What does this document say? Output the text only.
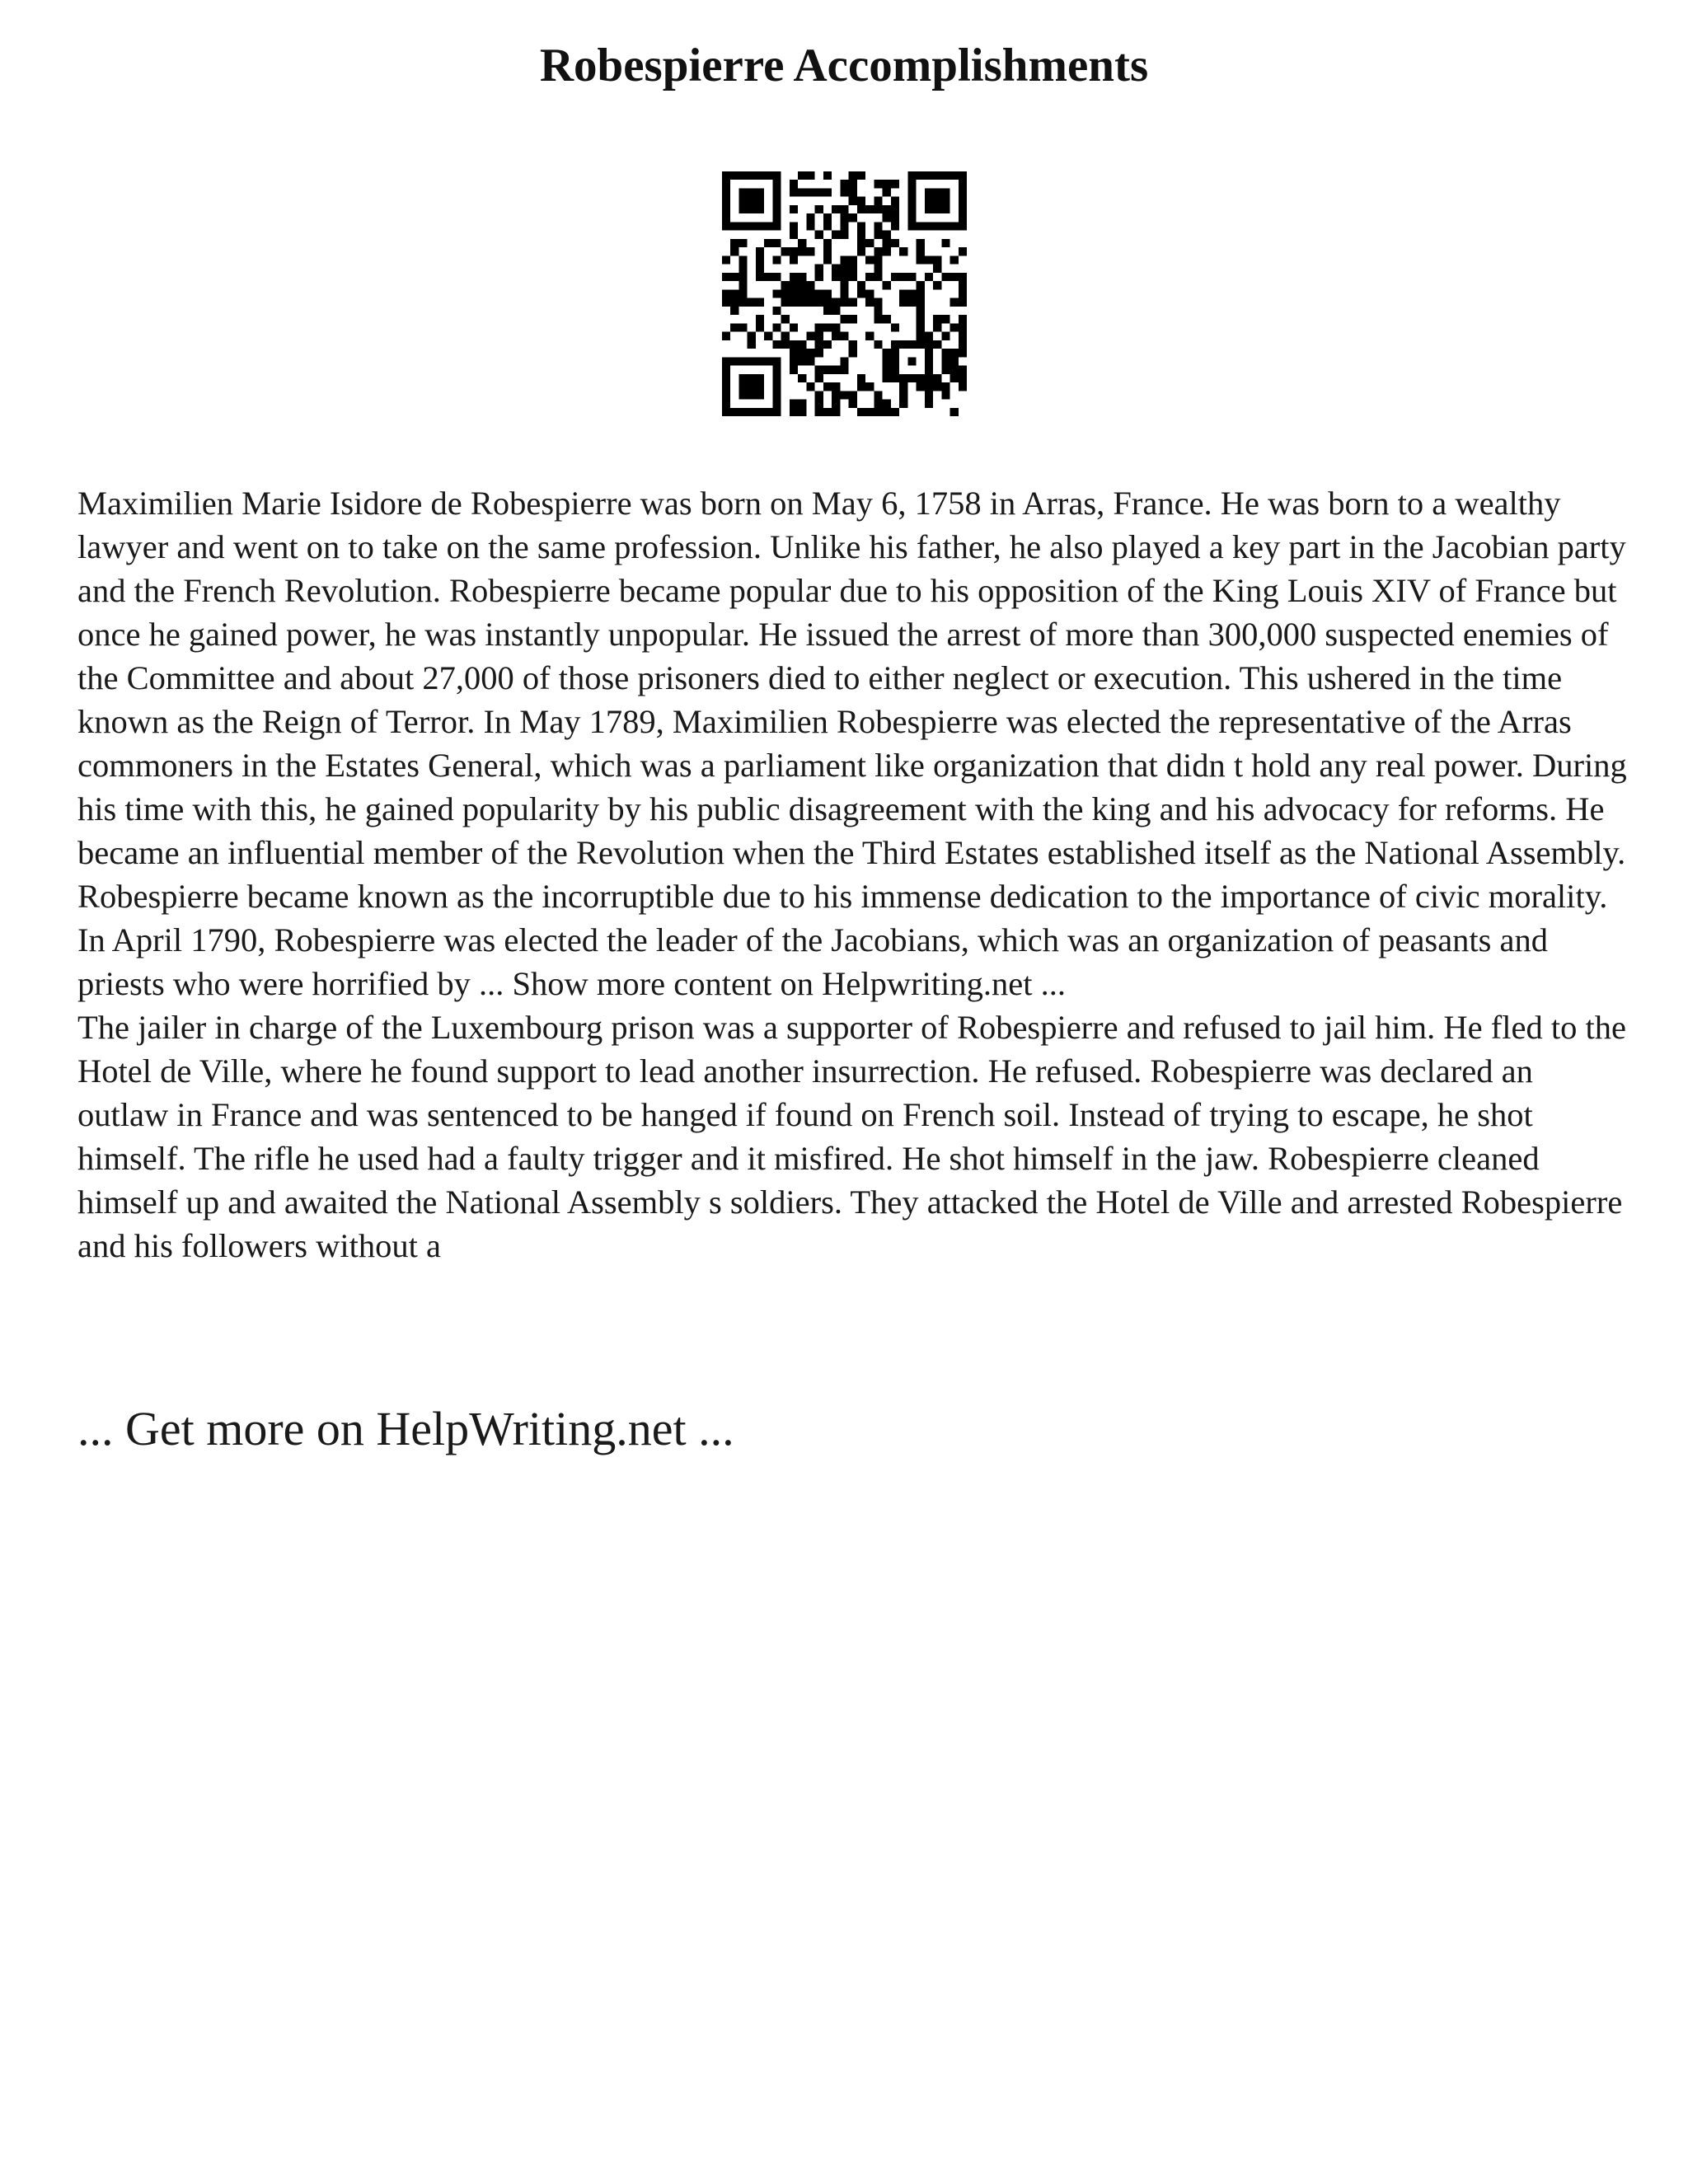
Robespierre Accomplishments

Maximilien Marie Isidore de Robespierre was born on May 6, 1758 in Arras, France. He was born to a wealthy lawyer and went on to take on the same profession. Unlike his father, he also played a key part in the Jacobian party and the French Revolution. Robespierre became popular due to his opposition of the King Louis XIV of France but once he gained power, he was instantly unpopular. He issued the arrest of more than 300,000 suspected enemies of the Committee and about 27,000 of those prisoners died to either neglect or execution. This ushered in the time known as the Reign of Terror. In May 1789, Maximilien Robespierre was elected the representative of the Arras commoners in the Estates General, which was a parliament like organization that didn t hold any real power. During his time with this, he gained popularity by his public disagreement with the king and his advocacy for reforms. He became an influential member of the Revolution when the Third Estates established itself as the National Assembly. Robespierre became known as the incorruptible due to his immense dedication to the importance of civic morality. In April 1790, Robespierre was elected the leader of the Jacobians, which was an organization of peasants and priests who were horrified by ... Show more content on Helpwriting.net ...

The jailer in charge of the Luxembourg prison was a supporter of Robespierre and refused to jail him. He fled to the Hotel de Ville, where he found support to lead another insurrection. He refused. Robespierre was declared an outlaw in France and was sentenced to be hanged if found on French soil. Instead of trying to escape, he shot himself. The rifle he used had a faulty trigger and it misfired. He shot himself in the jaw. Robespierre cleaned himself up and awaited the National Assembly s soldiers. They attacked the Hotel de Ville and arrested Robespierre and his followers without a

... Get more on HelpWriting.net ...
